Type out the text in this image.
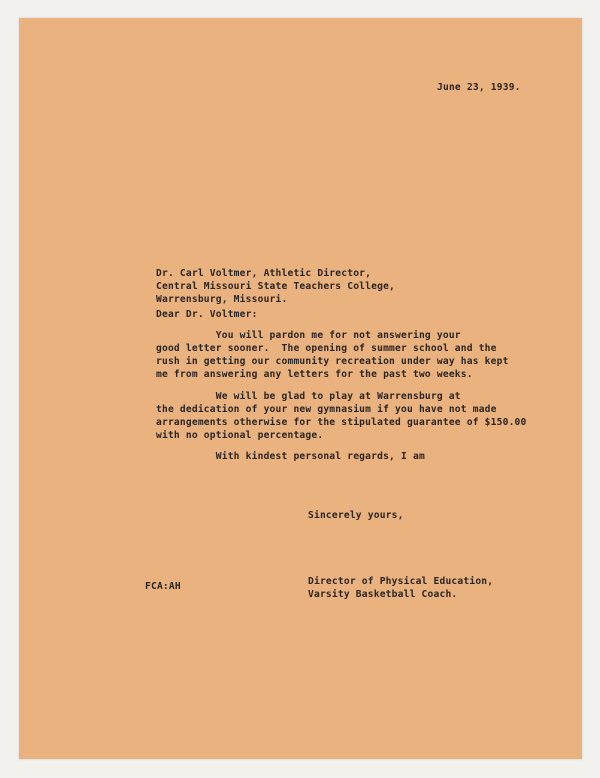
June 23, 1939.
Dr. Carl Voltmer, Athletic Director,
Central Missouri State Teachers College,
Warrensburg, Missouri.
Dear Dr. Voltmer:
You will pardon me for not answering your
good letter sooner.  The opening of summer school and the
rush in getting our community recreation under way has kept
me from answering any letters for the past two weeks.
We will be glad to play at Warrensburg at
the dedication of your new gymnasium if you have not made
arrangements otherwise for the stipulated guarantee of $150.00
with no optional percentage.
With kindest personal regards, I am
Sincerely yours,
FCA:AH	Director of Physical Education,
Varsity Basketball Coach.
